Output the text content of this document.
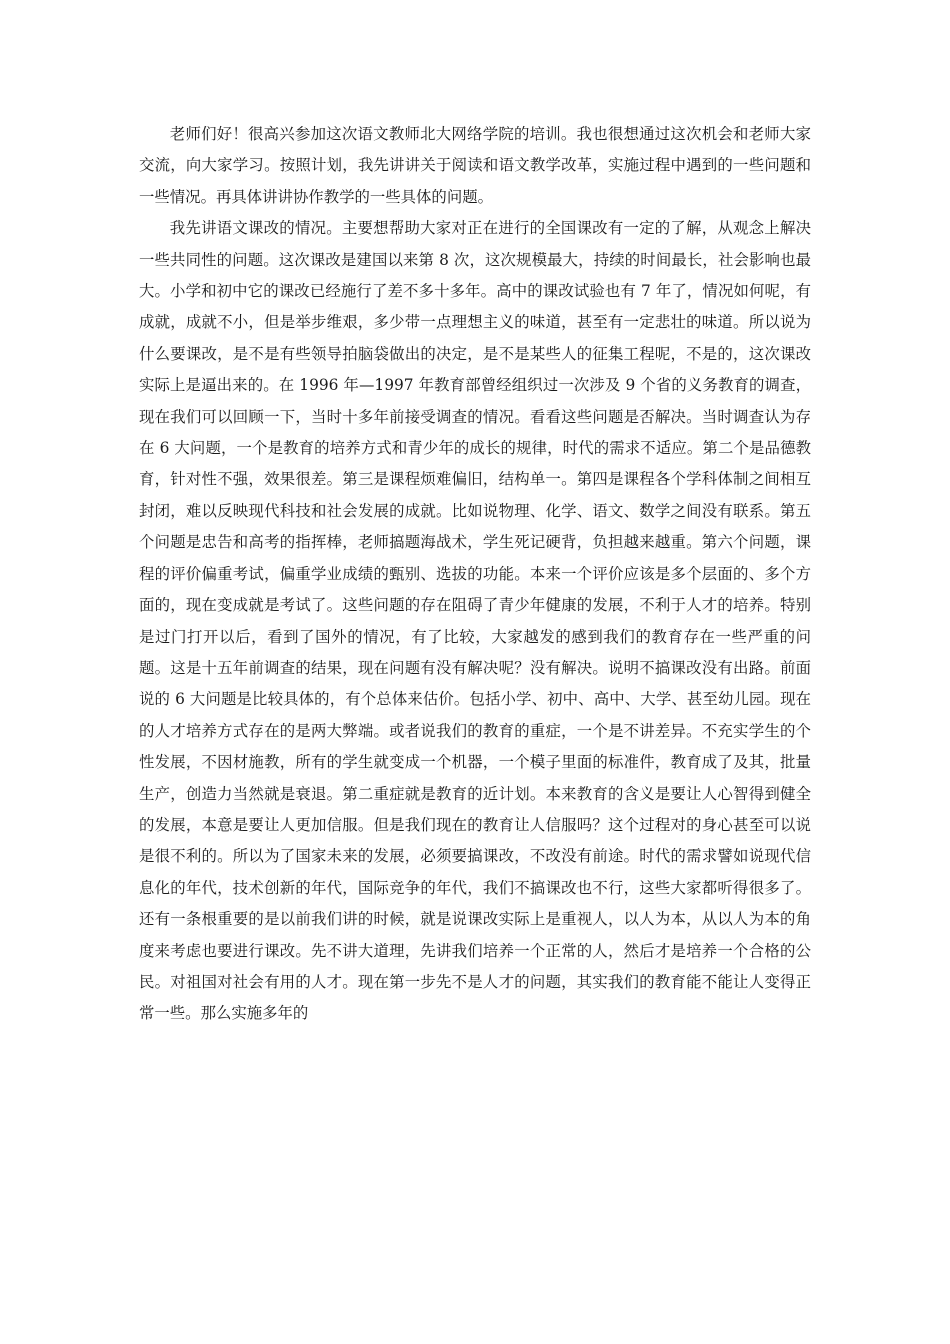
老师们好！很高兴参加这次语文教师北大网络学院的培训。我也很想通过这次机会和老师大家交流，向大家学习。按照计划，我先讲讲关于阅读和语文教学改革，实施过程中遇到的一些问题和一些情况。再具体讲讲协作教学的一些具体的问题。

我先讲语文课改的情况。主要想帮助大家对正在进行的全国课改有一定的了解，从观念上解决一些共同性的问题。这次课改是建国以来第 8 次，这次规模最大，持续的时间最长，社会影响也最大。小学和初中它的课改已经施行了差不多十多年。高中的课改试验也有 7 年了，情况如何呢，有成就，成就不小，但是举步维艰，多少带一点理想主义的味道，甚至有一定悲壮的味道。所以说为什么要课改，是不是有些领导拍脑袋做出的决定，是不是某些人的征集工程呢，不是的，这次课改实际上是逼出来的。在 1996 年—1997 年教育部曾经组织过一次涉及 9 个省的义务教育的调查，现在我们可以回顾一下，当时十多年前接受调查的情况。看看这些问题是否解决。当时调查认为存在 6 大问题，一个是教育的培养方式和青少年的成长的规律，时代的需求不适应。第二个是品德教育，针对性不强，效果很差。第三是课程烦难偏旧，结构单一。第四是课程各个学科体制之间相互封闭，难以反映现代科技和社会发展的成就。比如说物理、化学、语文、数学之间没有联系。第五个问题是忠告和高考的指挥棒，老师搞题海战术，学生死记硬背，负担越来越重。第六个问题，课程的评价偏重考试，偏重学业成绩的甄别、选拔的功能。本来一个评价应该是多个层面的、多个方面的，现在变成就是考试了。这些问题的存在阻碍了青少年健康的发展，不利于人才的培养。特别是过门打开以后，看到了国外的情况，有了比较，大家越发的感到我们的教育存在一些严重的问题。这是十五年前调查的结果，现在问题有没有解决呢？没有解决。说明不搞课改没有出路。前面说的 6 大问题是比较具体的，有个总体来估价。包括小学、初中、高中、大学、甚至幼儿园。现在的人才培养方式存在的是两大弊端。或者说我们的教育的重症，一个是不讲差异。不充实学生的个性发展，不因材施教，所有的学生就变成一个机器，一个模子里面的标准件，教育成了及其，批量生产，创造力当然就是衰退。第二重症就是教育的近计划。本来教育的含义是要让人心智得到健全的发展，本意是要让人更加信服。但是我们现在的教育让人信服吗？这个过程对的身心甚至可以说是很不利的。所以为了国家未来的发展，必须要搞课改，不改没有前途。时代的需求譬如说现代信息化的年代，技术创新的年代，国际竞争的年代，我们不搞课改也不行，这些大家都听得很多了。还有一条根重要的是以前我们讲的时候，就是说课改实际上是重视人，以人为本，从以人为本的角度来考虑也要进行课改。先不讲大道理，先讲我们培养一个正常的人，然后才是培养一个合格的公民。对祖国对社会有用的人才。现在第一步先不是人才的问题，其实我们的教育能不能让人变得正常一些。那么实施多年的
